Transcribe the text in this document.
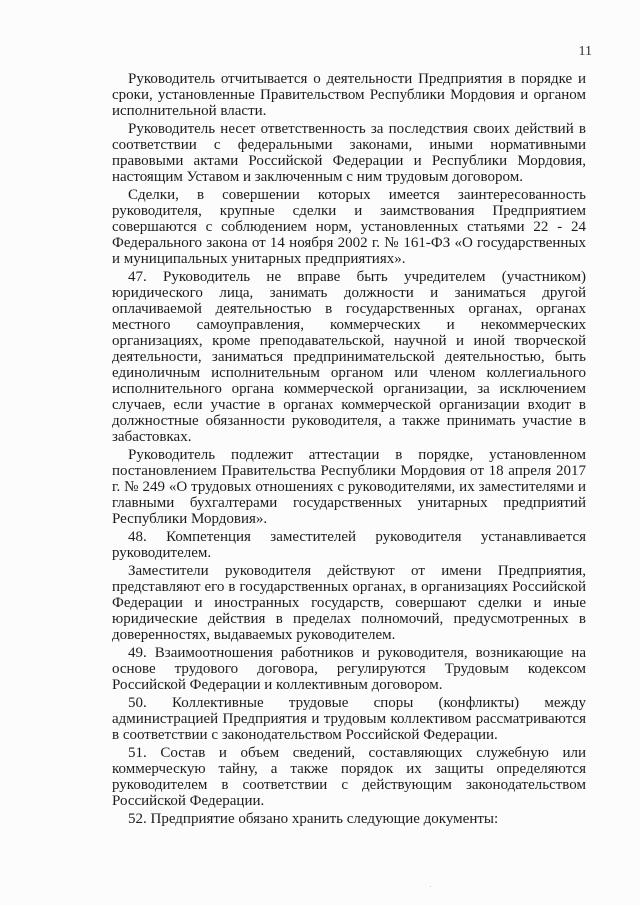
11

Руководитель отчитывается о деятельности Предприятия в порядке и сроки, установленные Правительством Республики Мордовия и органом исполнительной власти.

Руководитель несет ответственность за последствия своих действий в соответствии с федеральными законами, иными нормативными правовыми актами Российской Федерации и Республики Мордовия, настоящим Уставом и заключенным с ним трудовым договором.

Сделки, в совершении которых имеется заинтересованность руководителя, крупные сделки и заимствования Предприятием совершаются с соблюдением норм, установленных статьями 22 - 24 Федерального закона от 14 ноября 2002 г. № 161-ФЗ «О государственных и муниципальных унитарных предприятиях».

47. Руководитель не вправе быть учредителем (участником) юридического лица, занимать должности и заниматься другой оплачиваемой деятельностью в государственных органах, органах местного самоуправления, коммерческих и некоммерческих организациях, кроме преподавательской, научной и иной творческой деятельности, заниматься предпринимательской деятельностью, быть единоличным исполнительным органом или членом коллегиального исполнительного органа коммерческой организации, за исключением случаев, если участие в органах коммерческой организации входит в должностные обязанности руководителя, а также принимать участие в забастовках.

Руководитель подлежит аттестации в порядке, установленном постановлением Правительства Республики Мордовия от 18 апреля 2017 г. № 249 «О трудовых отношениях с руководителями, их заместителями и главными бухгалтерами государственных унитарных предприятий Республики Мордовия».

48. Компетенция заместителей руководителя устанавливается руководителем.

Заместители руководителя действуют от имени Предприятия, представляют его в государственных органах, в организациях Российской Федерации и иностранных государств, совершают сделки и иные юридические действия в пределах полномочий, предусмотренных в доверенностях, выдаваемых руководителем.

49. Взаимоотношения работников и руководителя, возникающие на основе трудового договора, регулируются Трудовым кодексом Российской Федерации и коллективным договором.

50. Коллективные трудовые споры (конфликты) между администрацией Предприятия и трудовым коллективом рассматриваются в соответствии с законодательством Российской Федерации.

51. Состав и объем сведений, составляющих служебную или коммерческую тайну, а также порядок их защиты определяются руководителем в соответствии с действующим законодательством Российской Федерации.

52. Предприятие обязано хранить следующие документы:
